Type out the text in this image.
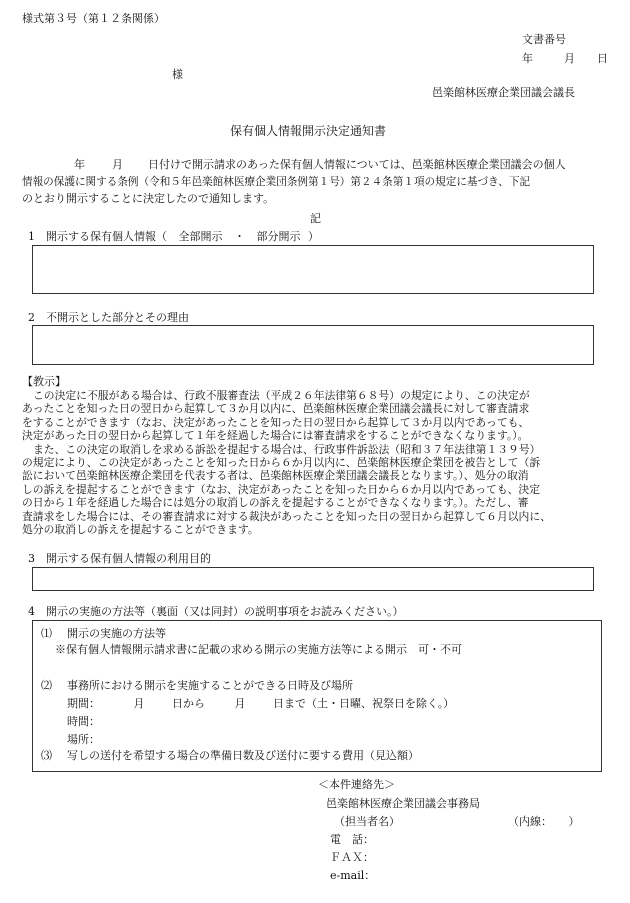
様式第３号（第１２条関係）
文書番号
年	月 日
様
邑楽館林医療企業団議会議長
保有個人情報開示決定通知書
年 月 日付けで開示請求のあった保有個人情報については、邑楽館林医療企業団議会の個人
情報の保護に関する条例（令和５年邑楽館林医療企業団条例第１号）第２４条第１項の規定に基づき、下記
のとおり開示することに決定したので通知します。
記
1　開示する保有個人情報（ 全部開示 ・ 部分開示 ）
2　不開示とした部分とその理由
【教示】

この決定に不服がある場合は、行政不服審査法（平成２６年法律第６８号）の規定により、この決定が

あったことを知った日の翌日から起算して３か月以内に、邑楽館林医療企業団議会議長に対して審査請求

をすることができます（なお、決定があったことを知った日の翌日から起算して３か月以内であっても、

決定があった日の翌日から起算して１年を経過した場合には審査請求をすることができなくなります。）。

また、この決定の取消しを求める訴訟を提起する場合は、行政事件訴訟法（昭和３７年法律第１３９号）

の規定により、この決定があったことを知った日から６か月以内に、邑楽館林医療企業団を被告として（訴

訟において邑楽館林医療企業団を代表する者は、邑楽館林医療企業団議会議長となります。）、処分の取消

しの訴えを提起することができます（なお、決定があったことを知った日から６か月以内であっても、決定

の日から１年を経過した場合には処分の取消しの訴えを提起することができなくなります。）。ただし、審

査請求をした場合には、その審査請求に対する裁決があったことを知った日の翌日から起算して６月以内に、

処分の取消しの訴えを提起することができます。

3　開示する保有個人情報の利用目的
4　開示の実施の方法等（裏面（又は同封）の説明事項をお読みください。）
⑴ 開示の実施の方法等
※保有個人情報開示請求書に記載の求める開示の実施方法等による開示　可・不可
⑵ 事務所における開示を実施することができる日時及び場所
期間：	月	日から	月	日まで（土・日曜、祝祭日を除く。）
時間：
場所：
⑶ 写しの送付を希望する場合の準備日数及び送付に要する費用（見込額）
＜本件連絡先＞
邑楽館林医療企業団議会事務局
（担当者名）	（内線：　　）
電　話：
ＦＡＸ：
e-mail：
